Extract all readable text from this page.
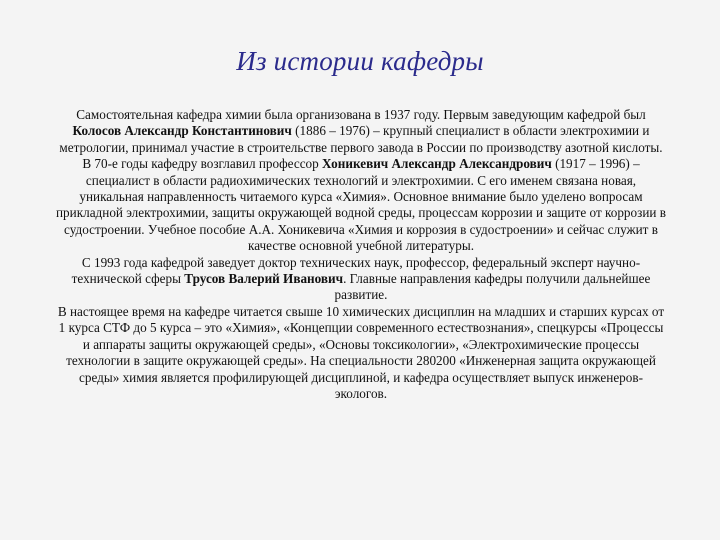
Из истории кафедры

Самостоятельная кафедра химии была организована в 1937 году. Первым заведующим кафедрой был Колосов Александр Константинович (1886 – 1976) – крупный специалист в области электрохимии и метрологии, принимал участие в строительстве первого завода в России по производству азотной кислоты.

В 70-е годы кафедру возглавил профессор Хоникевич Александр Александрович (1917 – 1996) – специалист в области радиохимических технологий и электрохимии. С его именем связана новая, уникальная направленность читаемого курса «Химия». Основное внимание было уделено вопросам прикладной электрохимии, защиты окружающей водной среды, процессам коррозии и защите от коррозии в судостроении. Учебное пособие А.А. Хоникевича «Химия и коррозия в судостроении» и сейчас служит в качестве основной учебной литературы.

С 1993 года кафедрой заведует доктор технических наук, профессор, федеральный эксперт научно-технической сферы Трусов Валерий Иванович. Главные направления кафедры получили дальнейшее развитие.

В настоящее время на кафедре читается свыше 10 химических дисциплин на младших и старших курсах от 1 курса СТФ до 5 курса – это «Химия», «Концепции современного естествознания», спецкурсы «Процессы и аппараты защиты окружающей среды», «Основы токсикологии», «Электрохимические процессы технологии в защите окружающей среды». На специальности 280200 «Инженерная защита окружающей среды» химия является профилирующей дисциплиной, и кафедра осуществляет выпуск инженеров-экологов.
